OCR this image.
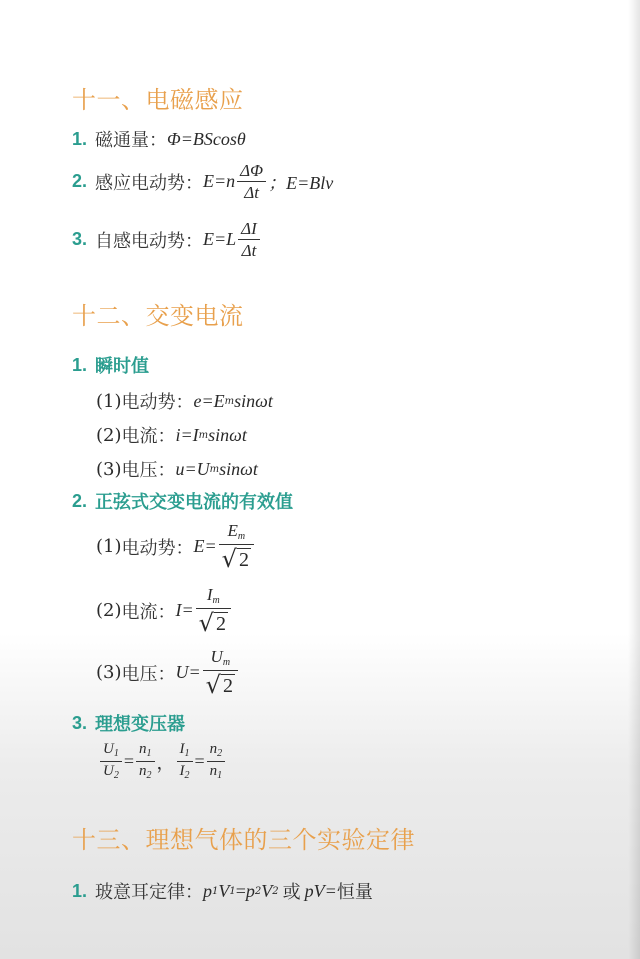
十一、电磁感应
1. 磁通量： Φ=BScosθ
2. 感应电动势： $E=n \frac{\Delta\Phi}{\Delta t}$ ；E=Blv
3. 自感电动势： $E=L \frac{\Delta I}{\Delta t}$
十二、交变电流
1. 瞬时值
(1) 电动势： e=E m sinωt
(2) 电流： i=I m sinωt
(3) 电压： u=U m sinωt
2. 正弦式交变电流的有效值
(1) 电动势： $E= \frac{E_m}{√ 2}$
(2) 电流： $I= \frac{I_m}{√ 2}$
(3) 电压： $U= \frac{U_m}{√ 2}$
3. 理想变压器
$\frac{U_1}{U_2} = \frac{n_1}{n_2}$ ， $\frac{I_1}{I_2} = \frac{n_2}{n_1}$
十三、理想气体的三个实验定律
1. 玻意耳定律： p 1 V 1 = p 2 V 2 或 pV= 恒量
